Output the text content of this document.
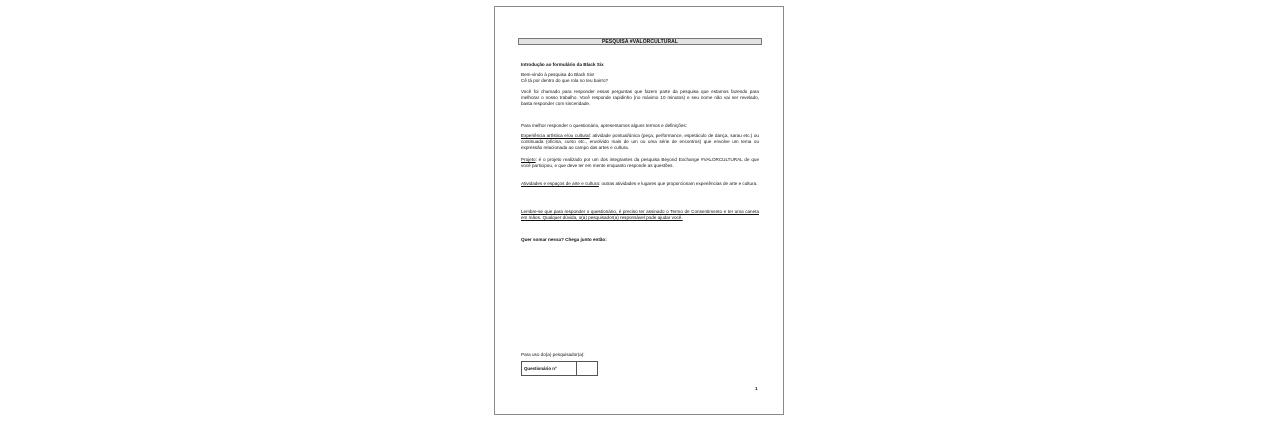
PESQUISA #VALORCULTURAL
Introdução ao formulário da Black Six
Bem-vindo à pesquisa do Black Six!
Cê tá por dentro do que rola no teu bairro?
Você foi chamado para responder essas perguntas que fazem parte da pesquisa que estamos fazendo para melhorar o nosso trabalho. Você responde rapidinho (no máximo 10 minutos) e seu nome não vai ser revelado, basta responder com sinceridade.
Para melhor responder o questionário, apresentamos alguns termos e definições:
Experiência artística e/ou cultural: atividade pontual/única (peça, performance, espetáculo de dança, sarau etc.) ou continuada (oficina, curso etc., envolvido mais de um ou uma série de encontros) que envolve um tema ou expressão relacionada ao campo das artes e cultura.
Projeto: é o projeto realizado por um dos integrantes da pesquisa Beyond Exchange #VALORCULTURAL de que você participou, e que deve ter em mente enquanto responde as questões.
Atividades e espaços de arte e cultura: outras atividades e lugares que proporcionam experiências de arte e cultura.
Lembre-se que para responder o questionário, é preciso ter assinado o Termo de Consentimento e ter uma caneta em mãos. Qualquer dúvida, o(a) pesquisador(a) responsável pode ajudar você.
Quer somar nessa? Chega junto então:
Para uso do(a) pesquisador(a):
Questionário nº
1
